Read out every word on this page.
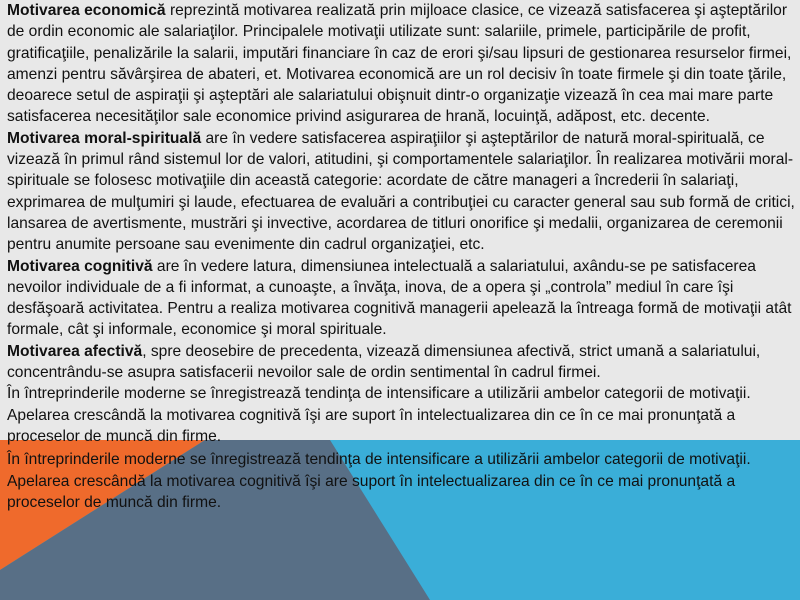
Motivarea economică reprezintă motivarea realizată prin mijloace clasice, ce vizează satisfacerea şi aşteptărilor de ordin economic ale salariaţilor. Principalele motivaţii utilizate sunt: salariile, primele, participările de profit, gratificaţiile, penalizările la salarii, imputări financiare în caz de erori şi/sau lipsuri de gestionarea resurselor firmei, amenzi pentru săvârşirea de abateri, et. Motivarea economică are un rol decisiv în toate firmele şi din toate ţările, deoarece setul de aspiraţii şi aşteptări ale salariatului obişnuit dintr-o organizaţie vizează în cea mai mare parte satisfacerea necesităţilor sale economice privind asigurarea de hrană, locuinţă, adăpost, etc. decente.

Motivarea moral-spirituală are în vedere satisfacerea aspiraţiilor şi aşteptărilor de natură moral-spirituală, ce vizează în primul rând sistemul lor de valori, atitudini, şi comportamentele salariaţilor. În realizarea motivării moral-spirituale se folosesc motivaţiile din această categorie: acordate de către manageri a încrederii în salariaţi, exprimarea de mulţumiri şi laude, efectuarea de evaluări a contribuţiei cu caracter general sau sub formă de critici, lansarea de avertismente, mustrări şi invective, acordarea de titluri onorifice şi medalii, organizarea de ceremonii pentru anumite persoane sau evenimente din cadrul organizaţiei, etc.

Motivarea cognitivă are în vedere latura, dimensiunea intelectuală a salariatului, axându-se pe satisfacerea nevoilor individuale de a fi informat, a cunoaşte, a învăţa, inova, de a opera şi „controla” mediul în care îşi desfăşoară activitatea. Pentru a realiza motivarea cognitivă managerii apelează la întreaga formă de motivaţii atât formale, cât şi informale, economice şi moral spirituale.

Motivarea afectivă, spre deosebire de precedenta, vizează dimensiunea afectivă, strict umană a salariatului, concentrându-se asupra satisfacerii nevoilor sale de ordin sentimental în cadrul firmei.

În întreprinderile moderne se înregistrează tendinţa de intensificare a utilizării ambelor categorii de motivaţii. Apelarea crescândă la motivarea cognitivă îşi are suport în intelectualizarea din ce în ce mai pronunţată a proceselor de muncă din firme.

În întreprinderile moderne se înregistrează tendinţa de intensificare a utilizării ambelor categorii de motivaţii. Apelarea crescândă la motivarea cognitivă îşi are suport în intelectualizarea din ce în ce mai pronunţată a proceselor de muncă din firme.
